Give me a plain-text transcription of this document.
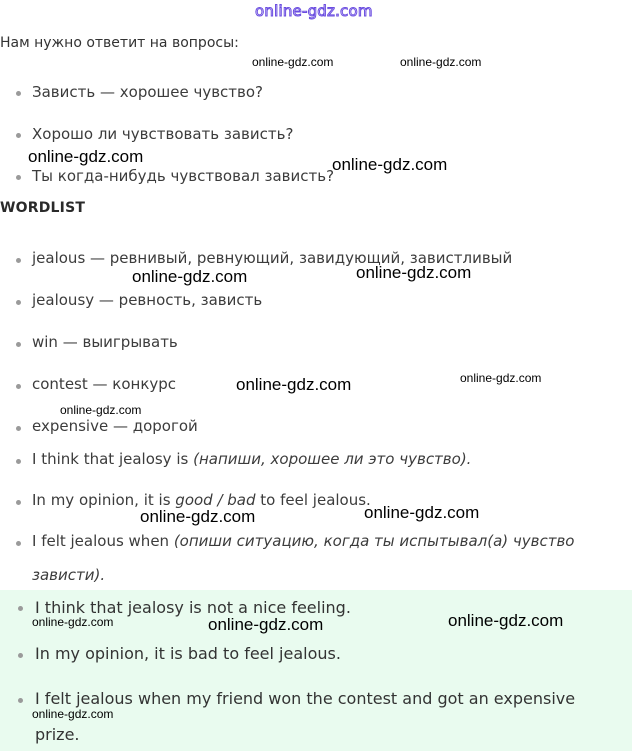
online-gdz.com
Нам нужно ответит на вопросы:
Зависть — хорошее чувство?
Хорошо ли чувствовать зависть?
Ты когда-нибудь чувствовал зависть?
WORDLIST
jealous — ревнивый, ревнующий, завидующий, завистливый
jealousy — ревность, зависть
win — выигрывать
contest — конкурс
expensive — дорогой
I think that jealosy is (напиши, хорошее ли это чувство).
In my opinion, it is good / bad to feel jealous.
I felt jealous when (опиши ситуацию, когда ты испытывал(а) чувство
зависти).
I think that jealosy is not a nice feeling.
In my opinion, it is bad to feel jealous.
I felt jealous when my friend won the contest and got an expensive
prize.
online-gdz.com	online-gdz.com
online-gdz.com	online-gdz.com
online-gdz.com	online-gdz.com
online-gdz.com	online-gdz.com
online-gdz.com
online-gdz.com	online-gdz.com
online-gdz.com	online-gdz.com	online-gdz.com
online-gdz.com
